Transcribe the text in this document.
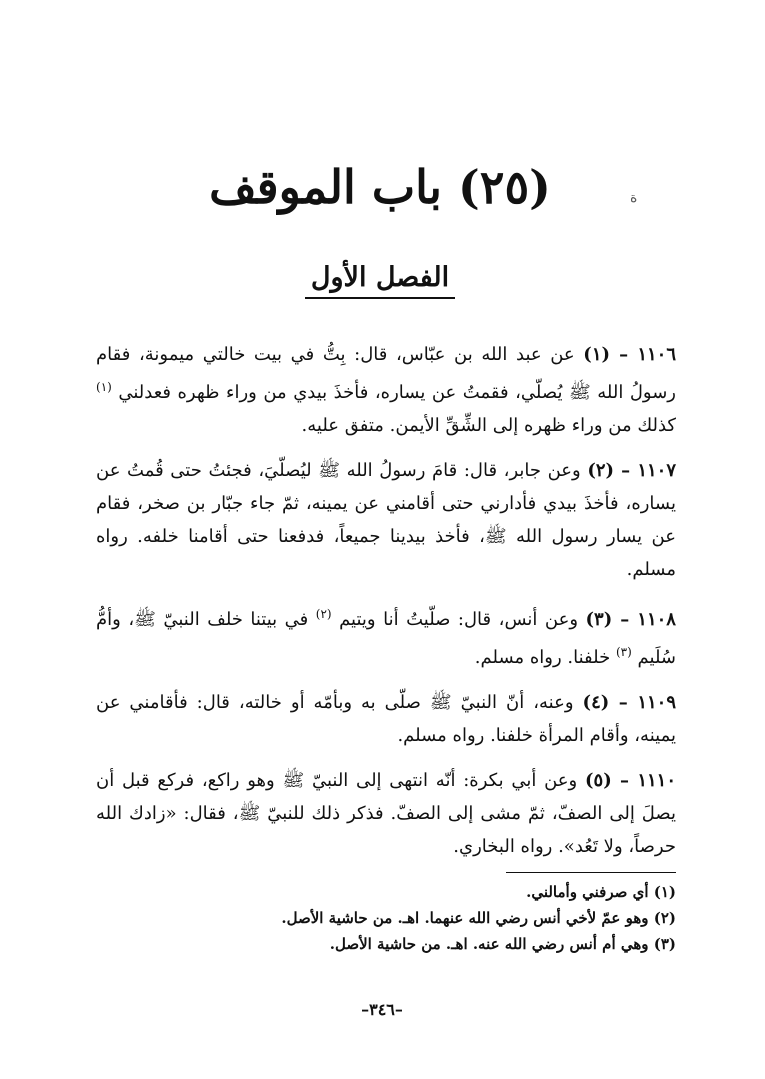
ة
(٢٥) باب الموقف
الفصل الأول

١١٠٦ – (١) عن عبد الله بن عبّاس، قال: بِتُّ في بيت خالتي ميمونة، فقام رسولُ الله ﷺ يُصلّي، فقمتُ عن يساره، فأخذَ بيدي من وراء ظهره فعدلني $^{(١)}$ كذلك من وراء ظهره إلى الشِّقِّ الأيمن. متفق عليه.

١١٠٧ – (٢) وعن جابر، قال: قامَ رسولُ الله ﷺ ليُصلّيَ، فجئتُ حتى قُمتُ عن يساره، فأخذَ بيدي فأدارني حتى أقامني عن يمينه، ثمّ جاء جبّار بن صخر، فقام عن يسار رسول الله ﷺ، فأخذ بيدينا جميعاً، فدفعنا حتى أقامنا خلفه. رواه مسلم.

١١٠٨ – (٣) وعن أنس، قال: صلّيتُ أنا ويتيم $^{(٢)}$ في بيتنا خلف النبيّ ﷺ، وأمُّ سُلَيم $^{(٣)}$ خلفنا. رواه مسلم.

١١٠٩ – (٤) وعنه، أنّ النبيّ ﷺ صلّى به وبأمّه أو خالته، قال: فأقامني عن يمينه، وأقام المرأة خلفنا. رواه مسلم.

١١١٠ – (٥) وعن أبي بكرة: أنّه انتهى إلى النبيّ ﷺ وهو راكع، فركع قبل أن يصلَ إلى الصفّ، ثمّ مشى إلى الصفّ. فذكر ذلك للنبيّ ﷺ، فقال: «زادك الله حرصاً، ولا تَعُد». رواه البخاري.

(١) أي صرفني وأمالني.
(٢) وهو عمّ لأخي أنس رضي الله عنهما. اهـ. من حاشية الأصل.
(٣) وهي أم أنس رضي الله عنه. اهـ. من حاشية الأصل.
–٣٤٦–
